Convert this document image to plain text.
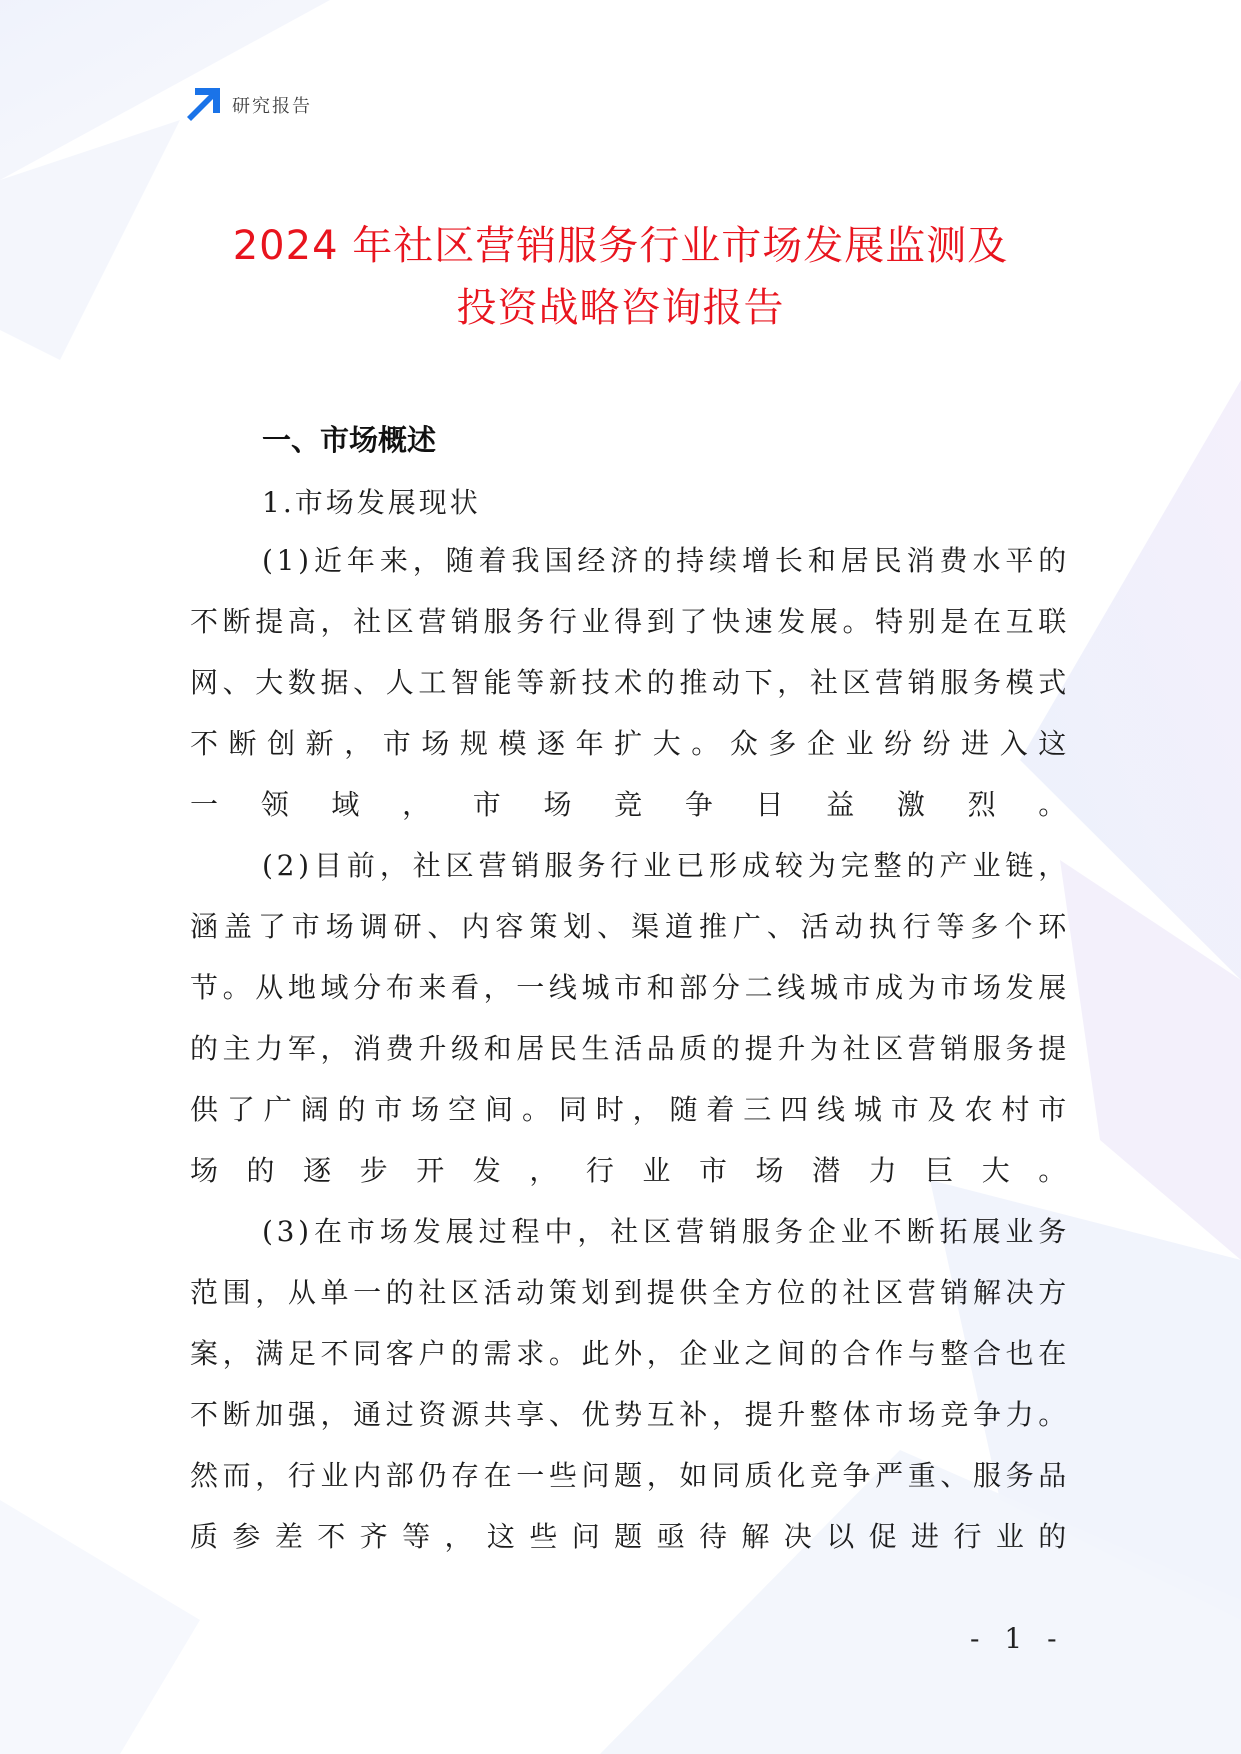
研究报告
2024 年社区营销服务行业市场发展监测及
投资战略咨询报告
一、市场概述
1.市场发展现状

(1)近年来，随着我国经济的持续增长和居民消费水平的不断提高，社区营销服务行业得到了快速发展。特别是在互联网、大数据、人工智能等新技术的推动下，社区营销服务模式不断创新，市场规模逐年扩大。众多企业纷纷进入这
一领域，市场竞争日益激烈。

(2)目前，社区营销服务行业已形成较为完整的产业链，涵盖了市场调研、内容策划、渠道推广、活动执行等多个环节。从地域分布来看，一线城市和部分二线城市成为市场发展的主力军，消费升级和居民生活品质的提升为社区营销服务提供了广阔的市场空间。同时，随着三四线城市及农村市
场的逐步开发，行业市场潜力巨大。

(3)在市场发展过程中，社区营销服务企业不断拓展业务范围，从单一的社区活动策划到提供全方位的社区营销解决方案，满足不同客户的需求。此外，企业之间的合作与整合也在不断加强，通过资源共享、优势互补，提升整体市场竞争力。然而，行业内部仍存在一些问题，如同质化竞争严重、服务品质参差不齐等，这些问题亟待解决以促进行业的

- 1 -
